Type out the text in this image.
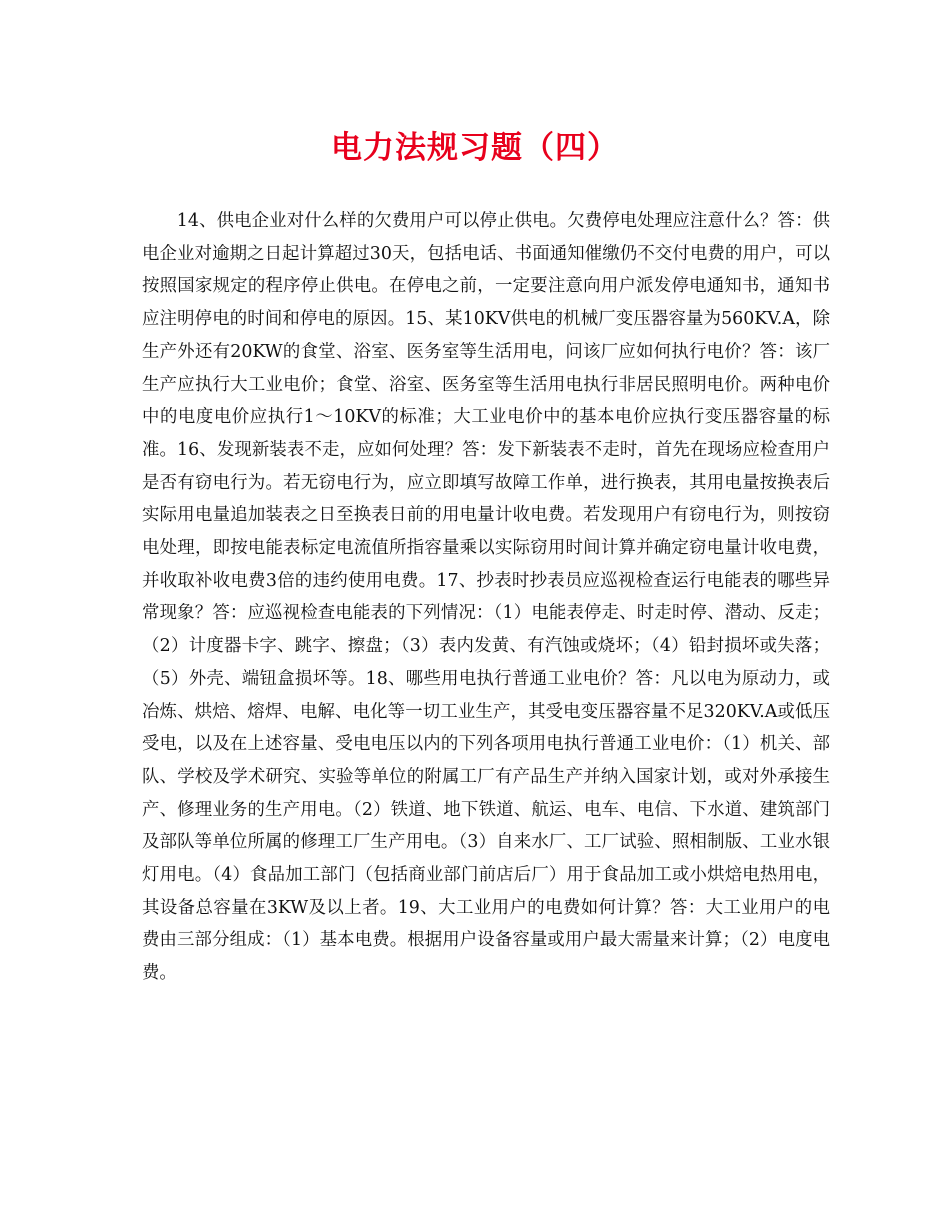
电力法规习题（四）

14、供电企业对什么样的欠费用户可以停止供电。欠费停电处理应注意什么？答：供电企业对逾期之日起计算超过30天，包括电话、书面通知催缴仍不交付电费的用户，可以按照国家规定的程序停止供电。在停电之前，一定要注意向用户派发停电通知书，通知书应注明停电的时间和停电的原因。15、某10KV供电的机械厂变压器容量为560KV.A，除生产外还有20KW的食堂、浴室、医务室等生活用电，问该厂应如何执行电价？答：该厂生产应执行大工业电价；食堂、浴室、医务室等生活用电执行非居民照明电价。两种电价中的电度电价应执行1～10KV的标准；大工业电价中的基本电价应执行变压器容量的标准。16、发现新装表不走，应如何处理？答：发下新装表不走时，首先在现场应检查用户是否有窃电行为。若无窃电行为，应立即填写故障工作单，进行换表，其用电量按换表后实际用电量追加装表之日至换表日前的用电量计收电费。若发现用户有窃电行为，则按窃电处理，即按电能表标定电流值所指容量乘以实际窃用时间计算并确定窃电量计收电费，并收取补收电费3倍的违约使用电费。17、抄表时抄表员应巡视检查运行电能表的哪些异常现象？答：应巡视检查电能表的下列情况：（1）电能表停走、时走时停、潜动、反走；（2）计度器卡字、跳字、擦盘；（3）表内发黄、有汽蚀或烧坏；（4）铅封损坏或失落；（5）外壳、端钮盒损坏等。18、哪些用电执行普通工业电价？答：凡以电为原动力，或冶炼、烘焙、熔焊、电解、电化等一切工业生产，其受电变压器容量不足320KV.A或低压受电，以及在上述容量、受电电压以内的下列各项用电执行普通工业电价：（1）机关、部队、学校及学术研究、实验等单位的附属工厂有产品生产并纳入国家计划，或对外承接生产、修理业务的生产用电。（2）铁道、地下铁道、航运、电车、电信、下水道、建筑部门及部队等单位所属的修理工厂生产用电。（3）自来水厂、工厂试验、照相制版、工业水银灯用电。（4）食品加工部门（包括商业部门前店后厂）用于食品加工或小烘焙电热用电，其设备总容量在3KW及以上者。19、大工业用户的电费如何计算？答：大工业用户的电费由三部分组成：（1）基本电费。根据用户设备容量或用户最大需量来计算；（2）电度电费。
